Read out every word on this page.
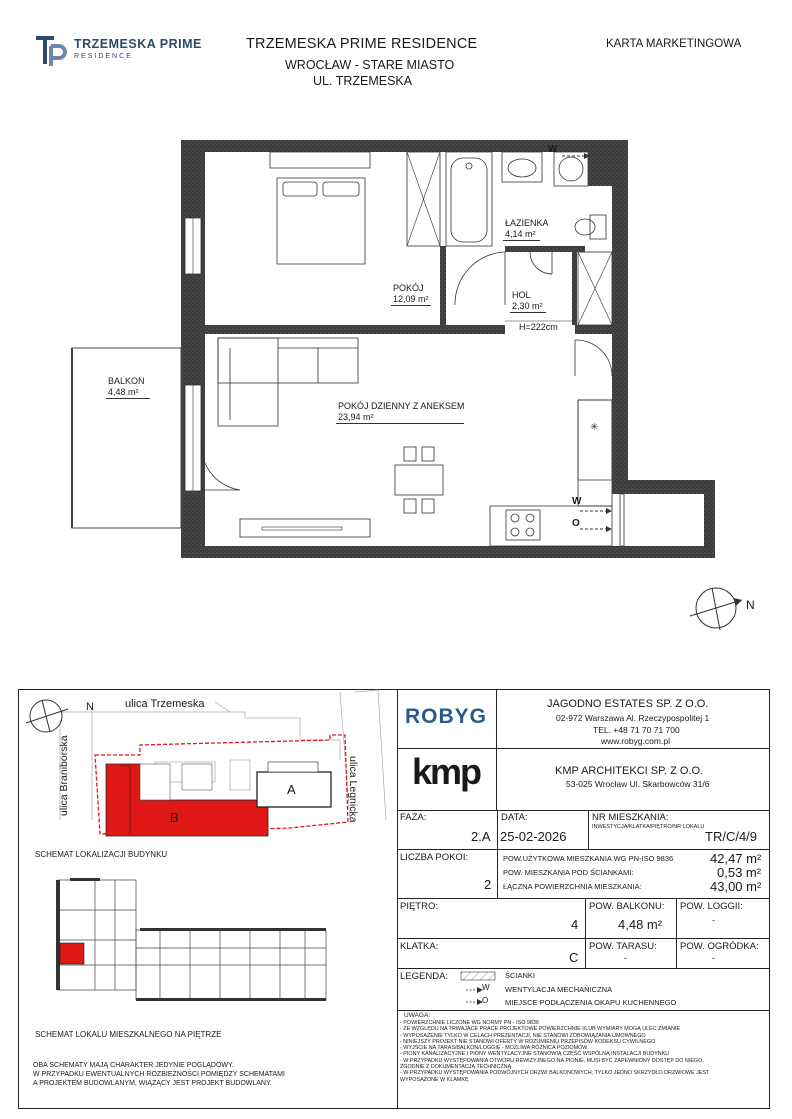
TRZEMESKA PRIME
RESIDENCE
TRZEMESKA PRIME RESIDENCE
WROCŁAW - STARE MIASTO
UL. TRZEMESKA
KARTA MARKETINGOWA
✳
ŁAZIENKA
4,14 m²
POKÓJ
12,09 m²	HOL
2,30 m²
H=222cm
BALKON
4,48 m²
POKÓJ DZIENNY Z ANEKSEM
23,94 m²
W
W
O
N
ulica Trzemeska
ulica Braniborska	ulica Legnicka
N
A
B
SCHEMAT LOKALIZACJI BUDYNKU
SCHEMAT LOKALU MIESZKALNEGO NA PIĘTRZE
OBA SCHEMATY MAJĄ CHARAKTER JEDYNIE POGLĄDOWY.
W PRZYPADKU EWENTUALNYCH ROZBIEŻNOŚCI POMIĘDZY SCHEMATAMI
A PROJEKTEM BUDOWLANYM, WIĄŻĄCY JEST PROJEKT BUDOWLANY.
ROBYG
JAGODNO ESTATES SP. Z O.O.
02-972 Warszawa Al. Rzeczypospolitej 1
TEL. +48 71 70 71 700
www.robyg.com.pl
kmp	KMP ARCHITEKCI SP. Z O.O.
53-025 Wrocław Ul. Skarbowców 31/6
FAZA:
2.A
DATA:
25-02-2026
NR MIESZKANIA:
INWESTYCJA/KLATKA/PIĘTRO/NR LOKALU
TR/C/4/9
LICZBA POKOI:
2
POW.UŻYTKOWA MIESZKANIA WG PN-ISO 9836	42,47 m²
POW. MIESZKANIA POD ŚCIANKAMI:	0,53 m²
ŁĄCZNA POWIERZCHNIA MIESZKANIA:	43,00 m²
PIĘTRO:
4
POW. BALKONU:
4,48 m²
POW. LOGGII:
-
KLATKA:
C
POW. TARASU:
-
POW. OGRÓDKA:
-
LEGENDA:	ŚCIANKI
W WENTYLACJA MECHANICZNA
O MIEJSCE PODŁĄCZENIA OKAPU KUCHENNEGO
UWAGA:
- POWIERZCHNIE LICZONE WG NORMY PN - ISO 9836
- ZE WZGLĘDU NA TRWAJĄCE PRACE PROJEKTOWE POWIERZCHNIE I/LUB WYMIARY MOGĄ ULEC ZMIANIE
- WYPOSAŻENIE TYLKO W CELACH PREZENTACJI, NIE STANOWI ZOBOWIĄZANIA UMOWNEGO
- NINIEJSZY PROJEKT NIE STANOWI OFERTY W ROZUMIENIU PRZEPISÓW KODEKSU CYWILNEGO
- WYJŚCIE NA TARAS/BALKON/LOGGIE - MOŻLIWA RÓŻNICA POZIOMÓW
- PIONY KANALIZACYJNE I PIONY WENTYLACYJNE STANOWIĄ CZĘŚĆ WSPÓLNĄ INSTALACJI BUDYNKU
- W PRZYPADKU WYSTĘPOWANIA OTWORU REWIZYJNEGO NA PIONIE, MUSI BYĆ ZAPEWNIONY DOSTĘP DO NIEGO.
ZGODNIE Z DOKUMENTACJĄ TECHNICZNĄ
- W PRZYPADKU WYSTĘPOWANIA PODWÓJNYCH DRZWI BALKONOWYCH, TYLKO JEDNO SKRZYDŁO DRZWIOWE JEST
WYPOSAŻONE W KLAMKĘ
